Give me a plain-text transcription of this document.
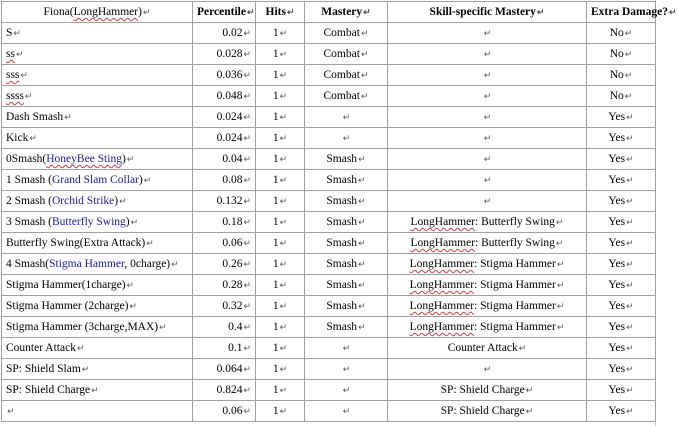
Fiona(LongHammer)↵	Percentile↵	Hits↵	Mastery↵	Skill-specific Mastery↵	Extra Damage?↵
S↵	0.02↵	1↵	Combat↵	↵	No↵
ss↵	0.028↵	1↵	Combat↵	↵	No↵
sss↵	0.036↵	1↵	Combat↵	↵	No↵
ssss↵	0.048↵	1↵	Combat↵	↵	No↵
Dash Smash↵	0.024↵	1↵	↵	↵	Yes↵
Kick↵	0.024↵	1↵	↵	↵	Yes↵
0Smash(HoneyBee Sting)↵	0.04↵	1↵	Smash↵	↵	Yes↵
1 Smash (Grand Slam Collar)↵	0.08↵	1↵	Smash↵	↵	Yes↵
2 Smash (Orchid Strike)↵	0.132↵	1↵	Smash↵	↵	Yes↵
3 Smash (Butterfly Swing)↵	0.18↵	1↵	Smash↵	LongHammer: Butterfly Swing↵	Yes↵
Butterfly Swing(Extra Attack)↵	0.06↵	1↵	Smash↵	LongHammer: Butterfly Swing↵	Yes↵
4 Smash(Stigma Hammer, 0charge)↵	0.26↵	1↵	Smash↵	LongHammer: Stigma Hammer↵	Yes↵
Stigma Hammer(1charge)↵	0.28↵	1↵	Smash↵	LongHammer: Stigma Hammer↵	Yes↵
Stigma Hammer (2charge)↵	0.32↵	1↵	Smash↵	LongHammer: Stigma Hammer↵	Yes↵
Stigma Hammer (3charge,MAX)↵	0.4↵	1↵	Smash↵	LongHammer: Stigma Hammer↵	Yes↵
Counter Attack↵	0.1↵	1↵	↵	Counter Attack↵	Yes↵
SP: Shield Slam↵	0.064↵	1↵	↵	↵	Yes↵
SP: Shield Charge↵	0.824↵	1↵	↵	SP: Shield Charge↵	Yes↵
↵	0.06↵	1↵	↵	SP: Shield Charge↵	Yes↵
